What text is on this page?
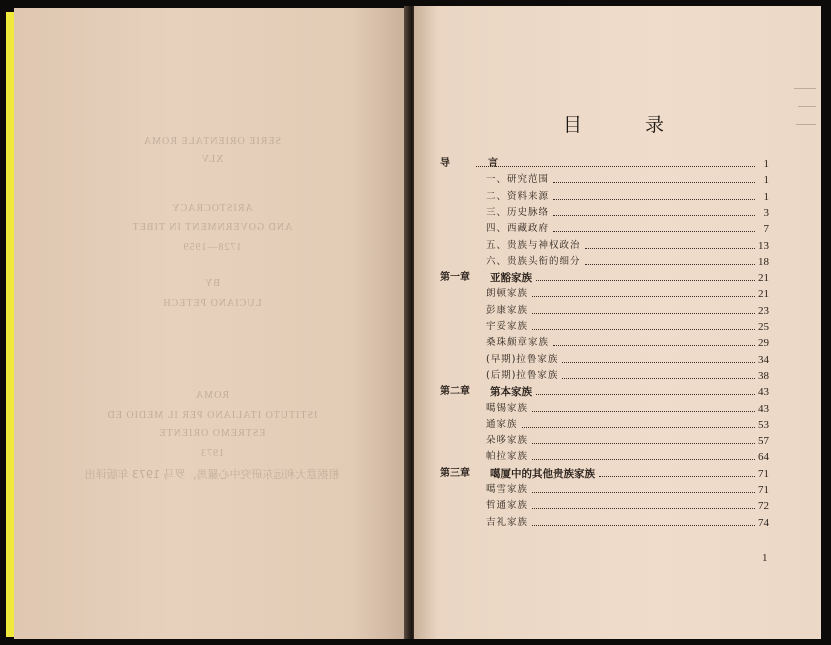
SERIE ORIENTALE ROMA
XLV
ARISTOCRACY
AND GOVERNMENT IN TIBET
1728—1959
BY
LUCIANO PETECH
ROMA
ISTITUTO ITALIANO PER IL MEDIO ED
ESTREMO ORIENTE
1973
根据意大利远东研究中心羅馬，罗马 1973 年版译出
目　录
导　言	1
一、研究范围	1
二、资料来源	1
三、历史脉络	3
四、西藏政府	7
五、贵族与神权政治	13
六、贵族头衔的细分	18
第一章 亚豁家族	21
朗顿家族	21
彭康家族	23
宇妥家族	25
桑珠颇章家族	29
(早期)拉鲁家族	34
(后期)拉鲁家族	38
第二章 第本家族	43
噶锡家族	43
通家族	53
朵哆家族	57
帕拉家族	64
第三章 噶厦中的其他贵族家族	71
噶雪家族	71
哲通家族	72
吉礼家族	74
1
